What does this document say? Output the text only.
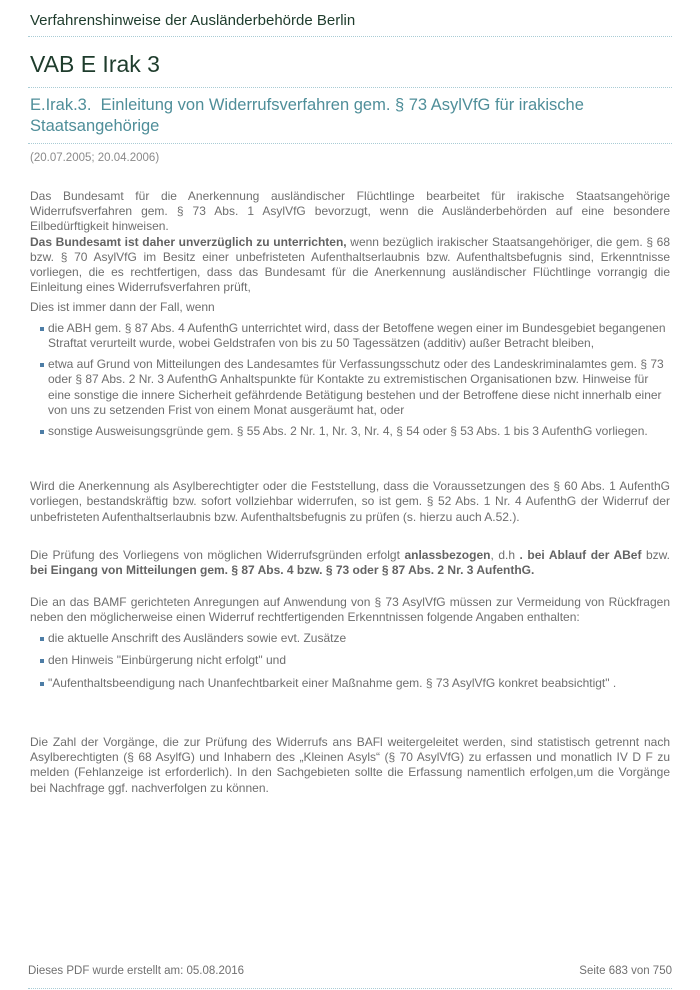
Verfahrenshinweise der Ausländerbehörde Berlin
VAB E Irak 3
E.Irak.3.  Einleitung von Widerrufsverfahren gem. § 73 AsylVfG für irakische Staatsangehörige
(20.07.2005; 20.04.2006)

Das Bundesamt für die Anerkennung ausländischer Flüchtlinge bearbeitet für irakische Staatsangehörige Widerrufsverfahren gem. § 73 Abs. 1 AsylVfG bevorzugt, wenn die Ausländerbehörden auf eine besondere Eilbedürftigkeit hinweisen.

Das Bundesamt ist daher unverzüglich zu unterrichten, wenn bezüglich irakischer Staatsangehöriger, die gem. § 68 bzw. § 70 AsylVfG im Besitz einer unbefristeten Aufenthaltserlaubnis bzw. Aufenthaltsbefugnis sind, Erkenntnisse vorliegen, die es rechtfertigen, dass das Bundesamt für die Anerkennung ausländischer Flüchtlinge vorrangig die Einleitung eines Widerrufsverfahren prüft,

Dies ist immer dann der Fall, wenn

die ABH gem. § 87 Abs. 4 AufenthG unterrichtet wird, dass der Betoffene wegen einer im Bundesgebiet begangenen Straftat verurteilt wurde, wobei Geldstrafen von bis zu 50 Tagessätzen (additiv) außer Betracht bleiben,
etwa auf Grund von Mitteilungen des Landesamtes für Verfassungsschutz oder des Landeskriminalamtes gem. § 73 oder § 87 Abs. 2 Nr. 3 AufenthG Anhaltspunkte für Kontakte zu extremistischen Organisationen bzw. Hinweise für eine sonstige die innere Sicherheit gefährdende Betätigung bestehen und der Betroffene diese nicht innerhalb einer von uns zu setzenden Frist von einem Monat ausgeräumt hat, oder
sonstige Ausweisungsgründe gem. § 55 Abs. 2 Nr. 1, Nr. 3, Nr. 4, § 54 oder § 53 Abs. 1 bis 3 AufenthG vorliegen.

Wird die Anerkennung als Asylberechtigter oder die Feststellung, dass die Voraussetzungen des § 60 Abs. 1 AufenthG vorliegen, bestandskräftig bzw. sofort vollziehbar widerrufen, so ist gem. § 52 Abs. 1 Nr. 4 AufenthG der Widerruf der unbefristeten Aufenthaltserlaubnis bzw. Aufenthaltsbefugnis zu prüfen (s. hierzu auch A.52.).

Die Prüfung des Vorliegens von möglichen Widerrufsgründen erfolgt anlassbezogen, d.h . bei Ablauf der ABef bzw. bei Eingang von Mitteilungen gem. § 87 Abs. 4 bzw. § 73 oder § 87 Abs. 2 Nr. 3 AufenthG.

Die an das BAMF gerichteten Anregungen auf Anwendung von § 73 AsylVfG müssen zur Vermeidung von Rückfragen neben den möglicherweise einen Widerruf rechtfertigenden Erkenntnissen folgende Angaben enthalten:

die aktuelle Anschrift des Ausländers sowie evt. Zusätze
den Hinweis "Einbürgerung nicht erfolgt" und
"Aufenthaltsbeendigung nach Unanfechtbarkeit einer Maßnahme gem. § 73 AsylVfG konkret beabsichtigt" .

Die Zahl der Vorgänge, die zur Prüfung des Widerrufs ans BAFl weitergeleitet werden, sind statistisch getrennt nach Asylberechtigten (§ 68 AsylfG) und Inhabern des „Kleinen Asyls“ (§ 70 AsylVfG) zu erfassen und monatlich IV D F zu melden (Fehlanzeige ist erforderlich). In den Sachgebieten sollte die Erfassung namentlich erfolgen,um die Vorgänge bei Nachfrage ggf. nachverfolgen zu können.

Dieses PDF wurde erstellt am: 05.08.2016	Seite 683 von 750
